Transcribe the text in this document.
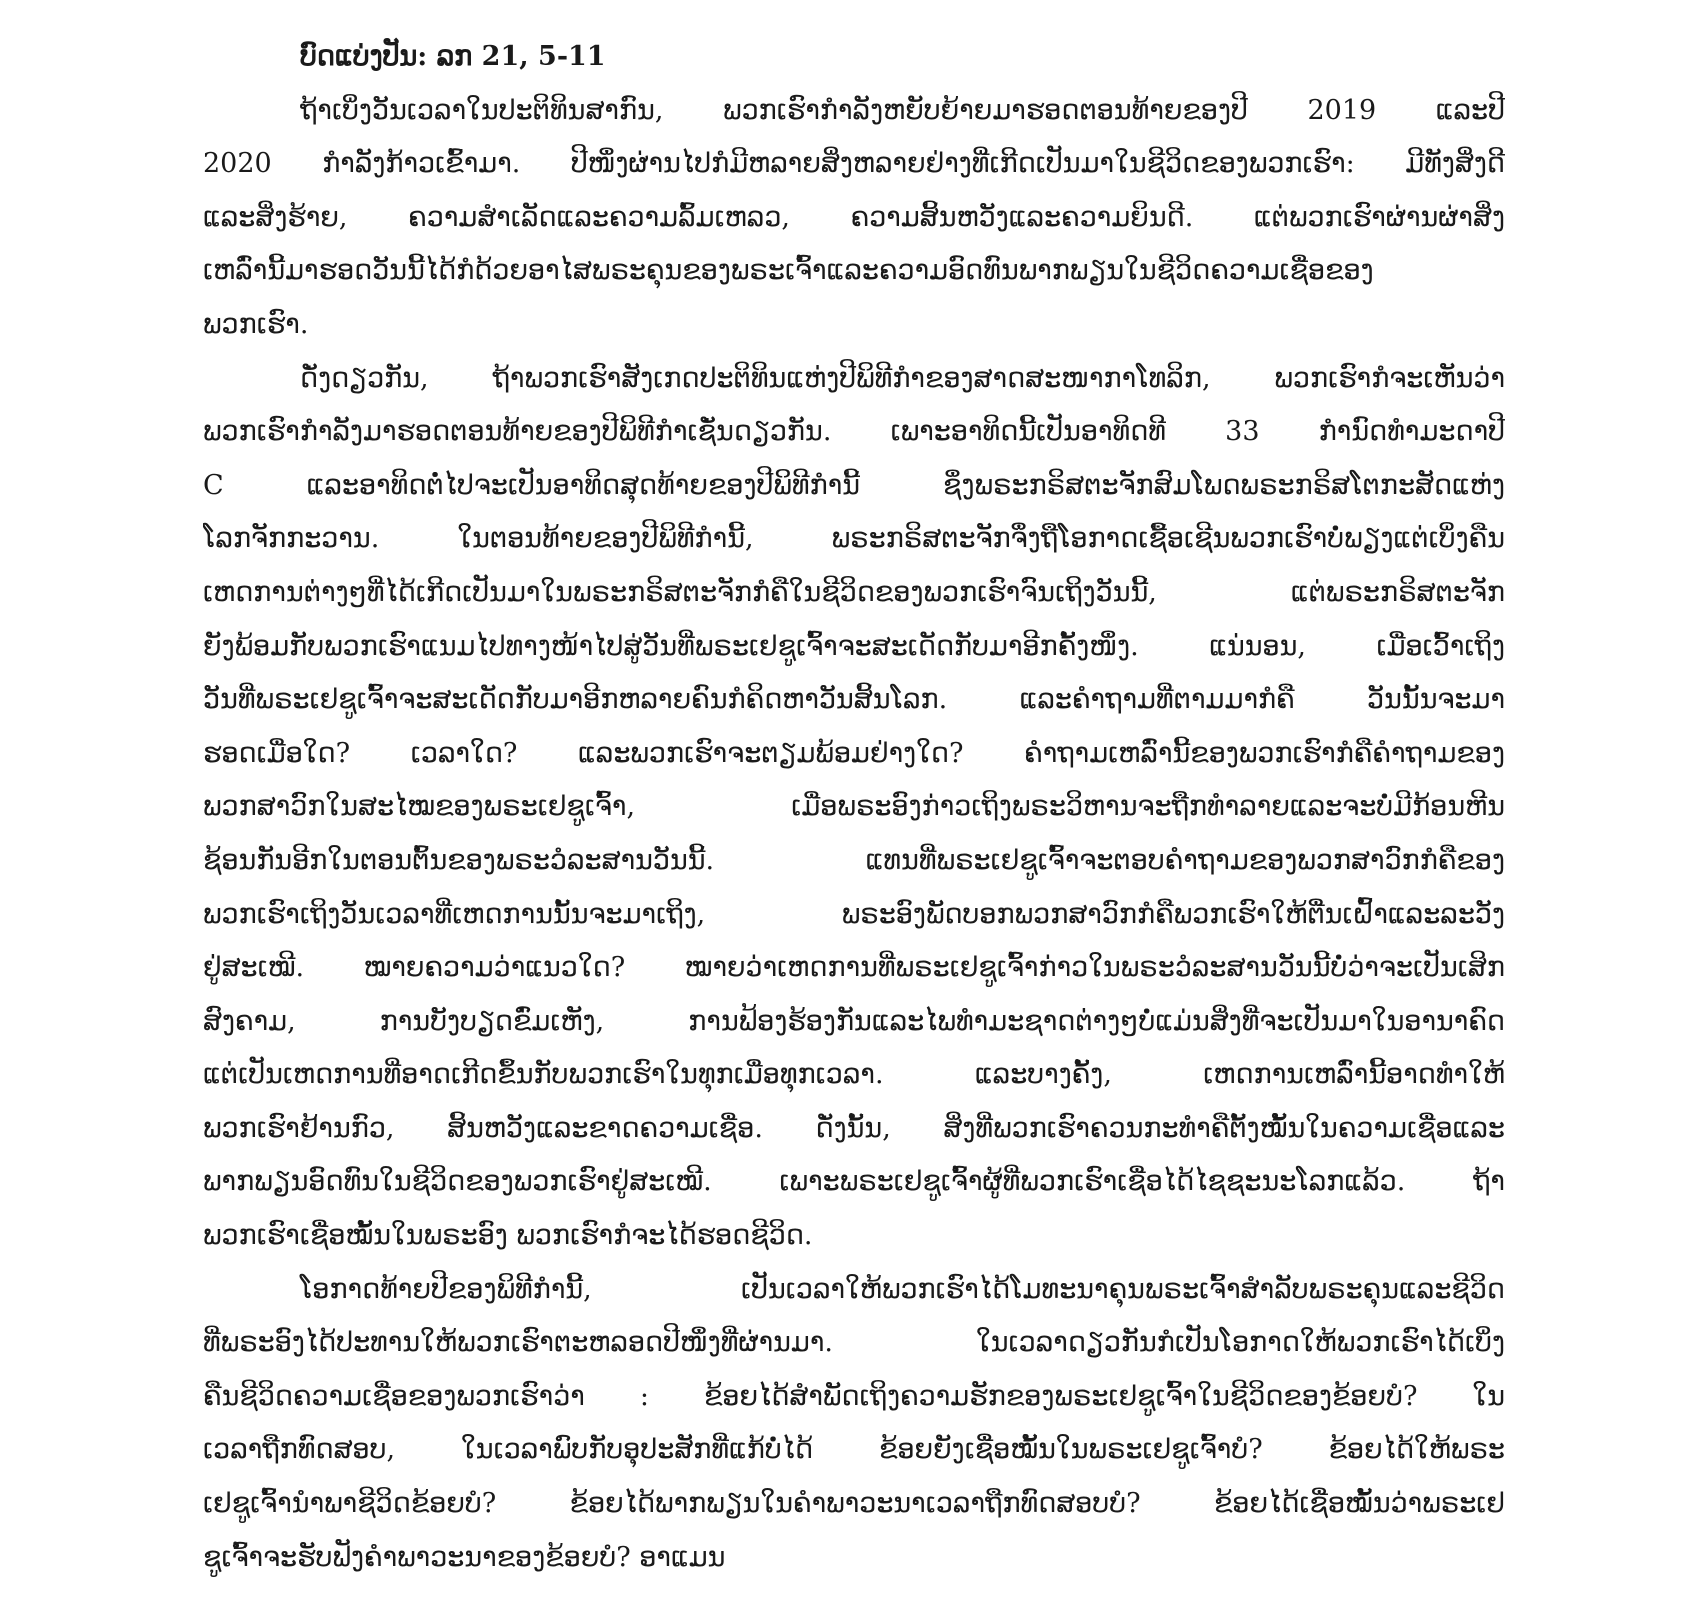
ບົດແບ່ງປັນ: ລກ 21, 5-11
ຖ້າເບິ່ງວັນເວລາໃນປະຕິທິນສາກົນ, ພວກເຮົາກໍາລັງຫຍັບຍ້າຍມາຮອດຕອນທ້າຍຂອງປີ 2019 ແລະປີ
2020 ກໍາລັງກ້າວເຂົ້າມາ. ປີໜຶ່ງຜ່ານໄປກໍມີຫລາຍສິ່ງຫລາຍຢ່າງທີ່ເກີດເປັນມາໃນຊີວິດຂອງພວກເຮົາ: ມີທັງສິ່ງດີ
ແລະສິ່ງຮ້າຍ, ຄວາມສໍາເລັດແລະຄວາມລົ້ມເຫລວ, ຄວາມສິ້ນຫວັງແລະຄວາມຍິນດີ. ແຕ່ພວກເຮົາຜ່ານຜ່າສິ່ງ
ເຫລົ່ານີ້ມາຮອດວັນນີ້ໄດ້ກໍດ້ວຍອາໄສພຣະຄຸນຂອງພຣະເຈົ້າແລະຄວາມອົດທົນພາກພຽນໃນຊີວິດຄວາມເຊື່ອຂອງ
ພວກເຮົາ.
ດັ່ງດຽວກັນ, ຖ້າພວກເຮົາສັງເກດປະຕິທິນແຫ່ງປີພິທີກໍາຂອງສາດສະໜາກາໂທລິກ, ພວກເຮົາກໍຈະເຫັນວ່າ
ພວກເຮົາກໍາລັງມາຮອດຕອນທ້າຍຂອງປີພິທີກໍາເຊັ່ນດຽວກັນ. ເພາະອາທິດນີ້ເປັນອາທິດທີ 33 ກໍານົດທໍາມະດາປີ
C ແລະອາທິດຕໍ່ໄປຈະເປັນອາທິດສຸດທ້າຍຂອງປີພິທີກໍານີ້ ຊຶ່ງພຣະກຣິສຕະຈັກສົມໂພດພຣະກຣິສໂຕກະສັດແຫ່ງ
ໂລກຈັກກະວານ. ໃນຕອນທ້າຍຂອງປີພິທີກໍານີ້, ພຣະກຣິສຕະຈັກຈຶ່ງຖືໂອກາດເຊື້ອເຊີນພວກເຮົາບໍ່ພຽງແຕ່ເບິ່ງຄືນ
ເຫດການຕ່າງໆທີ່ໄດ້ເກີດເປັນມາໃນພຣະກຣິສຕະຈັກກໍຄືໃນຊີວິດຂອງພວກເຮົາຈົນເຖິງວັນນີ້, ແຕ່ພຣະກຣິສຕະຈັກ
ຍັງພ້ອມກັບພວກເຮົາແນມໄປທາງໜ້າໄປສູ່ວັນທີ່ພຣະເຢຊູເຈົ້າຈະສະເດັດກັບມາອີກຄັ້ງໜຶ່ງ. ແນ່ນອນ, ເມື່ອເວົ້າເຖິງ
ວັນທີ່ພຣະເຢຊູເຈົ້າຈະສະເດັດກັບມາອີກຫລາຍຄົນກໍຄິດຫາວັນສິ້ນໂລກ. ແລະຄໍາຖາມທີ່ຕາມມາກໍຄື ວັນນັ້ນຈະມາ
ຮອດເມື່ອໃດ? ເວລາໃດ? ແລະພວກເຮົາຈະຕຽມພ້ອມຢ່າງໃດ? ຄໍາຖາມເຫລົ່ານີ້ຂອງພວກເຮົາກໍຄືຄໍາຖາມຂອງ
ພວກສາວົກໃນສະໄໝຂອງພຣະເຢຊູເຈົ້າ, ເມື່ອພຣະອົງກ່າວເຖິງພຣະວິຫານຈະຖືກທໍາລາຍແລະຈະບໍ່ມີກ້ອນຫີນ
ຊ້ອນກັນອີກໃນຕອນຕົ້ນຂອງພຣະວໍລະສານວັນນີ້. ແທນທີ່ພຣະເຢຊູເຈົ້າຈະຕອບຄໍາຖາມຂອງພວກສາວົກກໍຄືຂອງ
ພວກເຮົາເຖິງວັນເວລາທີ່ເຫດການນັ້ນຈະມາເຖິງ, ພຣະອົງພັດບອກພວກສາວົກກໍຄືພວກເຮົາໃຫ້ຕື່ນເຝົ້າແລະລະວັງ
ຢູ່ສະເໝີ. ໝາຍຄວາມວ່າແນວໃດ? ໝາຍວ່າເຫດການທີ່ພຣະເຢຊູເຈົ້າກ່າວໃນພຣະວໍລະສານວັນນີ້ບໍ່ວ່າຈະເປັນເສິກ
ສົງຄາມ, ການບັງບຽດຂົ່ມເຫັງ, ການຟ້ອງຮ້ອງກັນແລະໄພທໍາມະຊາດຕ່າງໆບໍ່ແມ່ນສິ່ງທີ່ຈະເປັນມາໃນອານາຄົດ
ແຕ່ເປັນເຫດການທີ່ອາດເກີດຂຶ້ນກັບພວກເຮົາໃນທຸກເມື່ອທຸກເວລາ. ແລະບາງຄັ້ງ, ເຫດການເຫລົ່ານີ້ອາດທໍາໃຫ້
ພວກເຮົາຢ້ານກົວ, ສິ້ນຫວັງແລະຂາດຄວາມເຊື່ອ. ດັ່ງນັ້ນ, ສິ່ງທີ່ພວກເຮົາຄວນກະທໍາຄືຕັ້ງໝັ້ນໃນຄວາມເຊື່ອແລະ
ພາກພຽນອົດທົນໃນຊີວິດຂອງພວກເຮົາຢູ່ສະເໝີ. ເພາະພຣະເຢຊູເຈົ້າຜູ້ທີ່ພວກເຮົາເຊື່ອໄດ້ໄຊຊະນະໂລກແລ້ວ. ຖ້າ
ພວກເຮົາເຊື່ອໝັ້ນໃນພຣະອົງ ພວກເຮົາກໍຈະໄດ້ຮອດຊີວິດ.
ໂອກາດທ້າຍປີຂອງພິທີກໍານີ້, ເປັນເວລາໃຫ້ພວກເຮົາໄດ້ໂມທະນາຄຸນພຣະເຈົ້າສໍາລັບພຣະຄຸນແລະຊີວິດ
ທີ່ພຣະອົງໄດ້ປະທານໃຫ້ພວກເຮົາຕະຫລອດປີໜຶ່ງທີ່ຜ່ານມາ. ໃນເວລາດຽວກັນກໍເປັນໂອກາດໃຫ້ພວກເຮົາໄດ້ເບິ່ງ
ຄືນຊີວິດຄວາມເຊື່ອຂອງພວກເຮົາວ່າ : ຂ້ອຍໄດ້ສໍາພັດເຖິງຄວາມຮັກຂອງພຣະເຢຊູເຈົ້າໃນຊີວິດຂອງຂ້ອຍບໍ? ໃນ
ເວລາຖືກທົດສອບ, ໃນເວລາພົບກັບອຸປະສັກທີ່ແກ້ບໍ່ໄດ້ ຂ້ອຍຍັງເຊື່ອໝັ້ນໃນພຣະເຢຊູເຈົ້າບໍ? ຂ້ອຍໄດ້ໃຫ້ພຣະ
ເຢຊູເຈົ້ານໍາພາຊີວິດຂ້ອຍບໍ? ຂ້ອຍໄດ້ພາກພຽນໃນຄໍາພາວະນາເວລາຖືກທົດສອບບໍ? ຂ້ອຍໄດ້ເຊື່ອໝັ້ນວ່າພຣະເຢ
ຊູເຈົ້າຈະຮັບຟັງຄໍາພາວະນາຂອງຂ້ອຍບໍ? ອາແມນ
